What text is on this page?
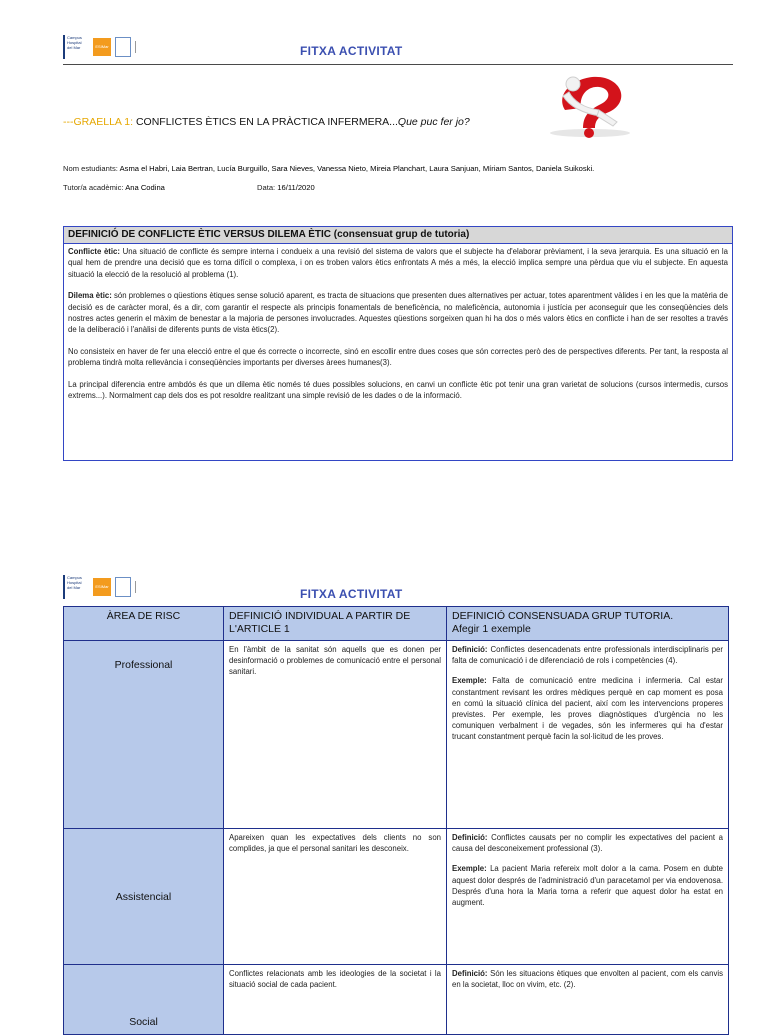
Campus
Hospital
del Mar	ESIMar	FITXA ACTIVITAT
---GRAELLA 1: CONFLICTES ÈTICS EN LA PRÀCTICA INFERMERA...Que puc fer jo?
Nom estudiants: Asma el Habri, Laia Bertran, Lucía Burguillo, Sara Nieves, Vanessa Nieto, Mireia Planchart, Laura Sanjuan, Míriam Santos, Daniela Suikoski.
Tutor/a acadèmic: Ana Codina	Data: 16/11/2020
DEFINICIÓ DE CONFLICTE ÈTIC VERSUS DILEMA ÈTIC (consensuat grup de tutoria)

Conflicte ètic: Una situació de conflicte és sempre interna i condueix a una revisió del sistema de valors que el subjecte ha d'elaborar prèviament, i la seva jerarquia. Es una situació en la qual hem de prendre una decisió que es torna difícil o complexa, i on es troben valors ètics enfrontats A més a més, la elecció implica sempre una pèrdua que viu el subjecte. En aquesta situació la elecció de la resolució al problema (1).

Dilema ètic: són problemes o qüestions ètiques sense solució aparent, es tracta de situacions que presenten dues alternatives per actuar, totes aparentment vàlides i en les que la matèria de decisió es de caràcter moral, és a dir, com garantir el respecte als principis fonamentals de beneficència, no maleficència, autonomia i justícia per aconseguir que les conseqüències dels nostres actes generin el màxim de benestar a la majoria de persones involucrades. Aquestes qüestions sorgeixen quan hi ha dos o més valors ètics en conflicte i han de ser resoltes a través de la deliberació i l'anàlisi de diferents punts de vista ètics(2).

No consisteix en haver de fer una elecció entre el que és correcte o incorrecte, sinó en escollir entre dues coses que són correctes però des de perspectives diferents. Per tant, la resposta al problema tindrà molta rellevància i conseqüències importants per diverses àrees humanes(3).

La principal diferencia entre ambdós és que un dilema ètic només té dues possibles solucions, en canvi un conflicte ètic pot tenir una gran varietat de solucions (cursos intermedis, cursos extrems...). Normalment cap dels dos es pot resoldre realitzant una simple revisió de les dades o de la informació.

Campus
Hospital
del Mar	ESIMar
FITXA ACTIVITAT
ÀREA DE RISC	DEFINICIÓ INDIVIDUAL A PARTIR DE L'ARTICLE 1	DEFINICIÓ CONSENSUADA GRUP TUTORIA.
Afegir 1 exemple
Professional	En l'àmbit de la sanitat són aquells que es donen per desinformació o problemes de comunicació entre el personal sanitari.	Definició: Conflictes desencadenats entre professionals interdisciplinaris per falta de comunicació i de diferenciació de rols i competències (4).

Exemple: Falta de comunicació entre medicina i infermeria. Cal estar constantment revisant les ordres mèdiques perquè en cap moment es posa en comú la situació clínica del pacient, així com les intervencions properes previstes. Per exemple, les proves diagnòstiques d'urgència no les comuniquen verbalment i de vegades, són les infermeres qui ha d'estar trucant constantment perquè facin la sol·licitud de les proves.

Assistencial	Apareixen quan les expectatives dels clients no son complides, ja que el personal sanitari les desconeix.	Definició: Conflictes causats per no complir les expectatives del pacient a causa del desconeixement professional (3).

Exemple: La pacient Maria refereix molt dolor a la cama. Posem en dubte aquest dolor després de l'administració d'un paracetamol per via endovenosa. Després d'una hora la Maria torna a referir que aquest dolor ha estat en augment.

Social	Conflictes relacionats amb les ideologies de la societat i la situació social de cada pacient.	Definició: Són les situacions ètiques que envolten al pacient, com els canvis en la societat, lloc on vivim, etc. (2).
